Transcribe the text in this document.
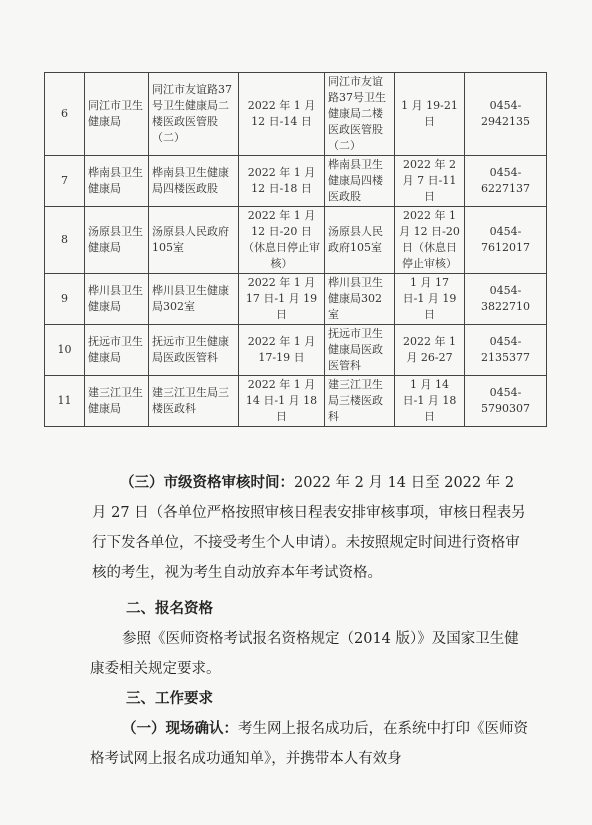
6	同江市卫生健康局	同江市友谊路37号卫生健康局二楼医政医管股（二）	2022 年 1 月 12 日-14 日	同江市友谊路37号卫生健康局二楼医政医管股（二）	1 月 19-21 日	0454-2942135
7	桦南县卫生健康局	桦南县卫生健康局四楼医政股	2022 年 1 月 12 日-18 日	桦南县卫生健康局四楼医政股	2022 年 2 月 7 日-11 日	0454-6227137
8	汤原县卫生健康局	汤原县人民政府105室	2022 年 1 月 12 日-20 日（休息日停止审核）	汤原县人民政府105室	2022 年 1 月 12 日-20 日（休息日停止审核）	0454-7612017
9	桦川县卫生健康局	桦川县卫生健康局302室	2022 年 1 月 17 日-1 月 19 日	桦川县卫生健康局302室	1 月 17 日-1 月 19 日	0454-3822710
10	抚远市卫生健康局	抚远市卫生健康局医政医管科	2022 年 1 月 17-19 日	抚远市卫生健康局医政医管科	2022 年 1 月 26-27	0454-2135377
11	建三江卫生健康局	建三江卫生局三楼医政科	2022 年 1 月 14 日-1 月 18 日	建三江卫生局三楼医政科	1 月 14 日-1 月 18 日	0454-5790307

（三）市级资格审核时间：2022 年 2 月 14 日至 2022 年 2 月 27 日（各单位严格按照审核日程表安排审核事项，审核日程表另行下发各单位，不接受考生个人申请）。未按照规定时间进行资格审核的考生，视为考生自动放弃本年考试资格。

二、报名资格

参照《医师资格考试报名资格规定（2014 版）》及国家卫生健康委相关规定要求。

三、工作要求

（一）现场确认：考生网上报名成功后，在系统中打印《医师资格考试网上报名成功通知单》，并携带本人有效身
